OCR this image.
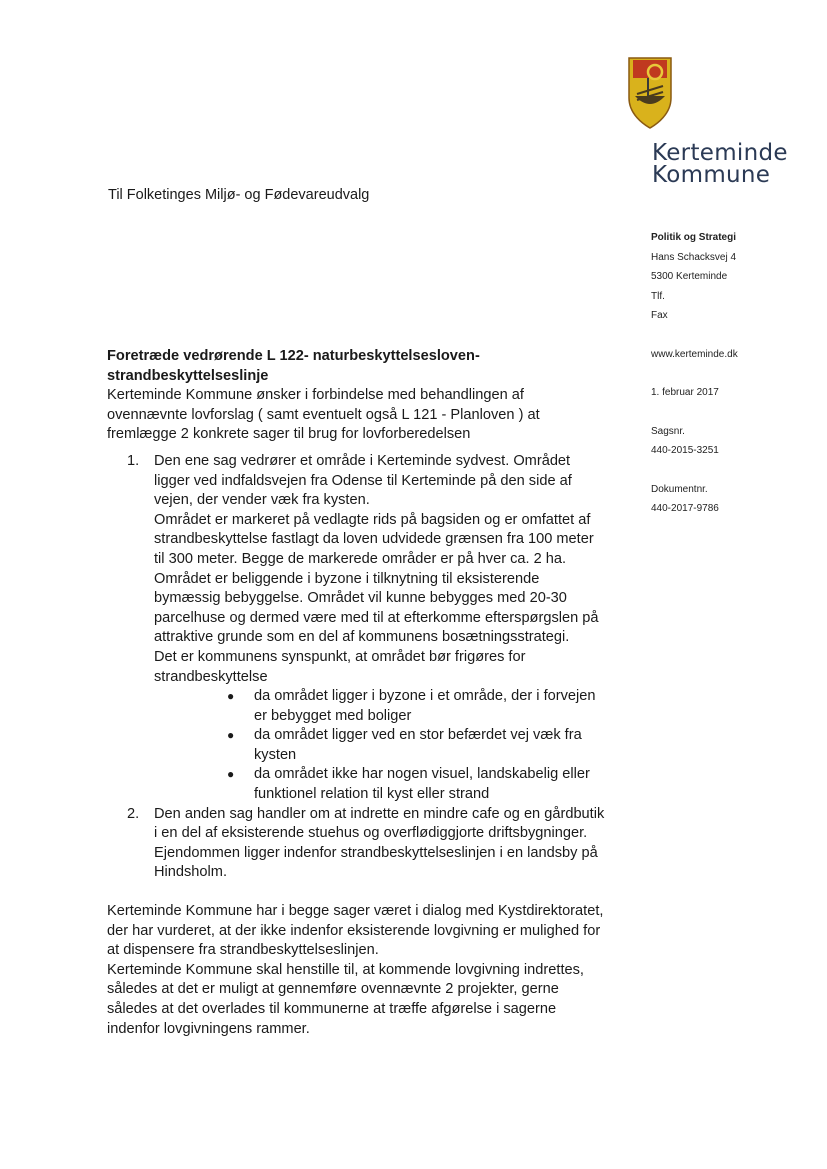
Kerteminde
Kommune
Til Folketinges Miljø- og Fødevareudvalg
Politik og Strategi
Hans Schacksvej 4
5300 Kerteminde
Tlf.
Fax
www.kerteminde.dk
1. februar 2017
Sagsnr.
440-2015-3251
Dokumentnr.
440-2017-9786

Foretræde vedrørende L 122- naturbeskyttelsesloven- strandbeskyttelseslinje

Kerteminde Kommune ønsker i forbindelse med behandlingen af ovennævnte lovforslag ( samt eventuelt også L 121 - Planloven ) at fremlægge 2 konkrete sager til brug for lovforberedelsen

1. Den ene sag vedrører et område i Kerteminde sydvest. Området ligger ved indfaldsvejen fra Odense til Kerteminde på den side af vejen, der vender væk fra kysten.

Området er markeret på vedlagte rids på bagsiden og er omfattet af strandbeskyttelse fastlagt da loven udvidede grænsen fra 100 meter til 300 meter. Begge de markerede områder er på hver ca. 2 ha.

Området er beliggende i byzone i tilknytning til eksisterende bymæssig bebyggelse. Området vil kunne bebygges med 20-30 parcelhuse og dermed være med til at efterkomme efterspørgslen på attraktive grunde som en del af kommunens bosætningsstrategi.

Det er kommunens synspunkt, at området bør frigøres for strandbeskyttelse

● da området ligger i byzone i et område, der i forvejen er bebygget med boliger
● da området ligger ved en stor befærdet vej væk fra kysten
● da området ikke har nogen visuel, landskabelig eller funktionel relation til kyst eller strand
2. Den anden sag handler om at indrette en mindre cafe og en gårdbutik i en del af eksisterende stuehus og overflødiggjorte driftsbygninger.

Ejendommen ligger indenfor strandbeskyttelseslinjen i en landsby på Hindsholm.

Kerteminde Kommune har i begge sager været i dialog med Kystdirektoratet, der har vurderet, at der ikke indenfor eksisterende lovgivning er mulighed for at dispensere fra strandbeskyttelseslinjen.

Kerteminde Kommune skal henstille til, at kommende lovgivning indrettes, således at det er muligt at gennemføre ovennævnte 2 projekter, gerne således at det overlades til kommunerne at træffe afgørelse i sagerne indenfor lovgivningens rammer.
